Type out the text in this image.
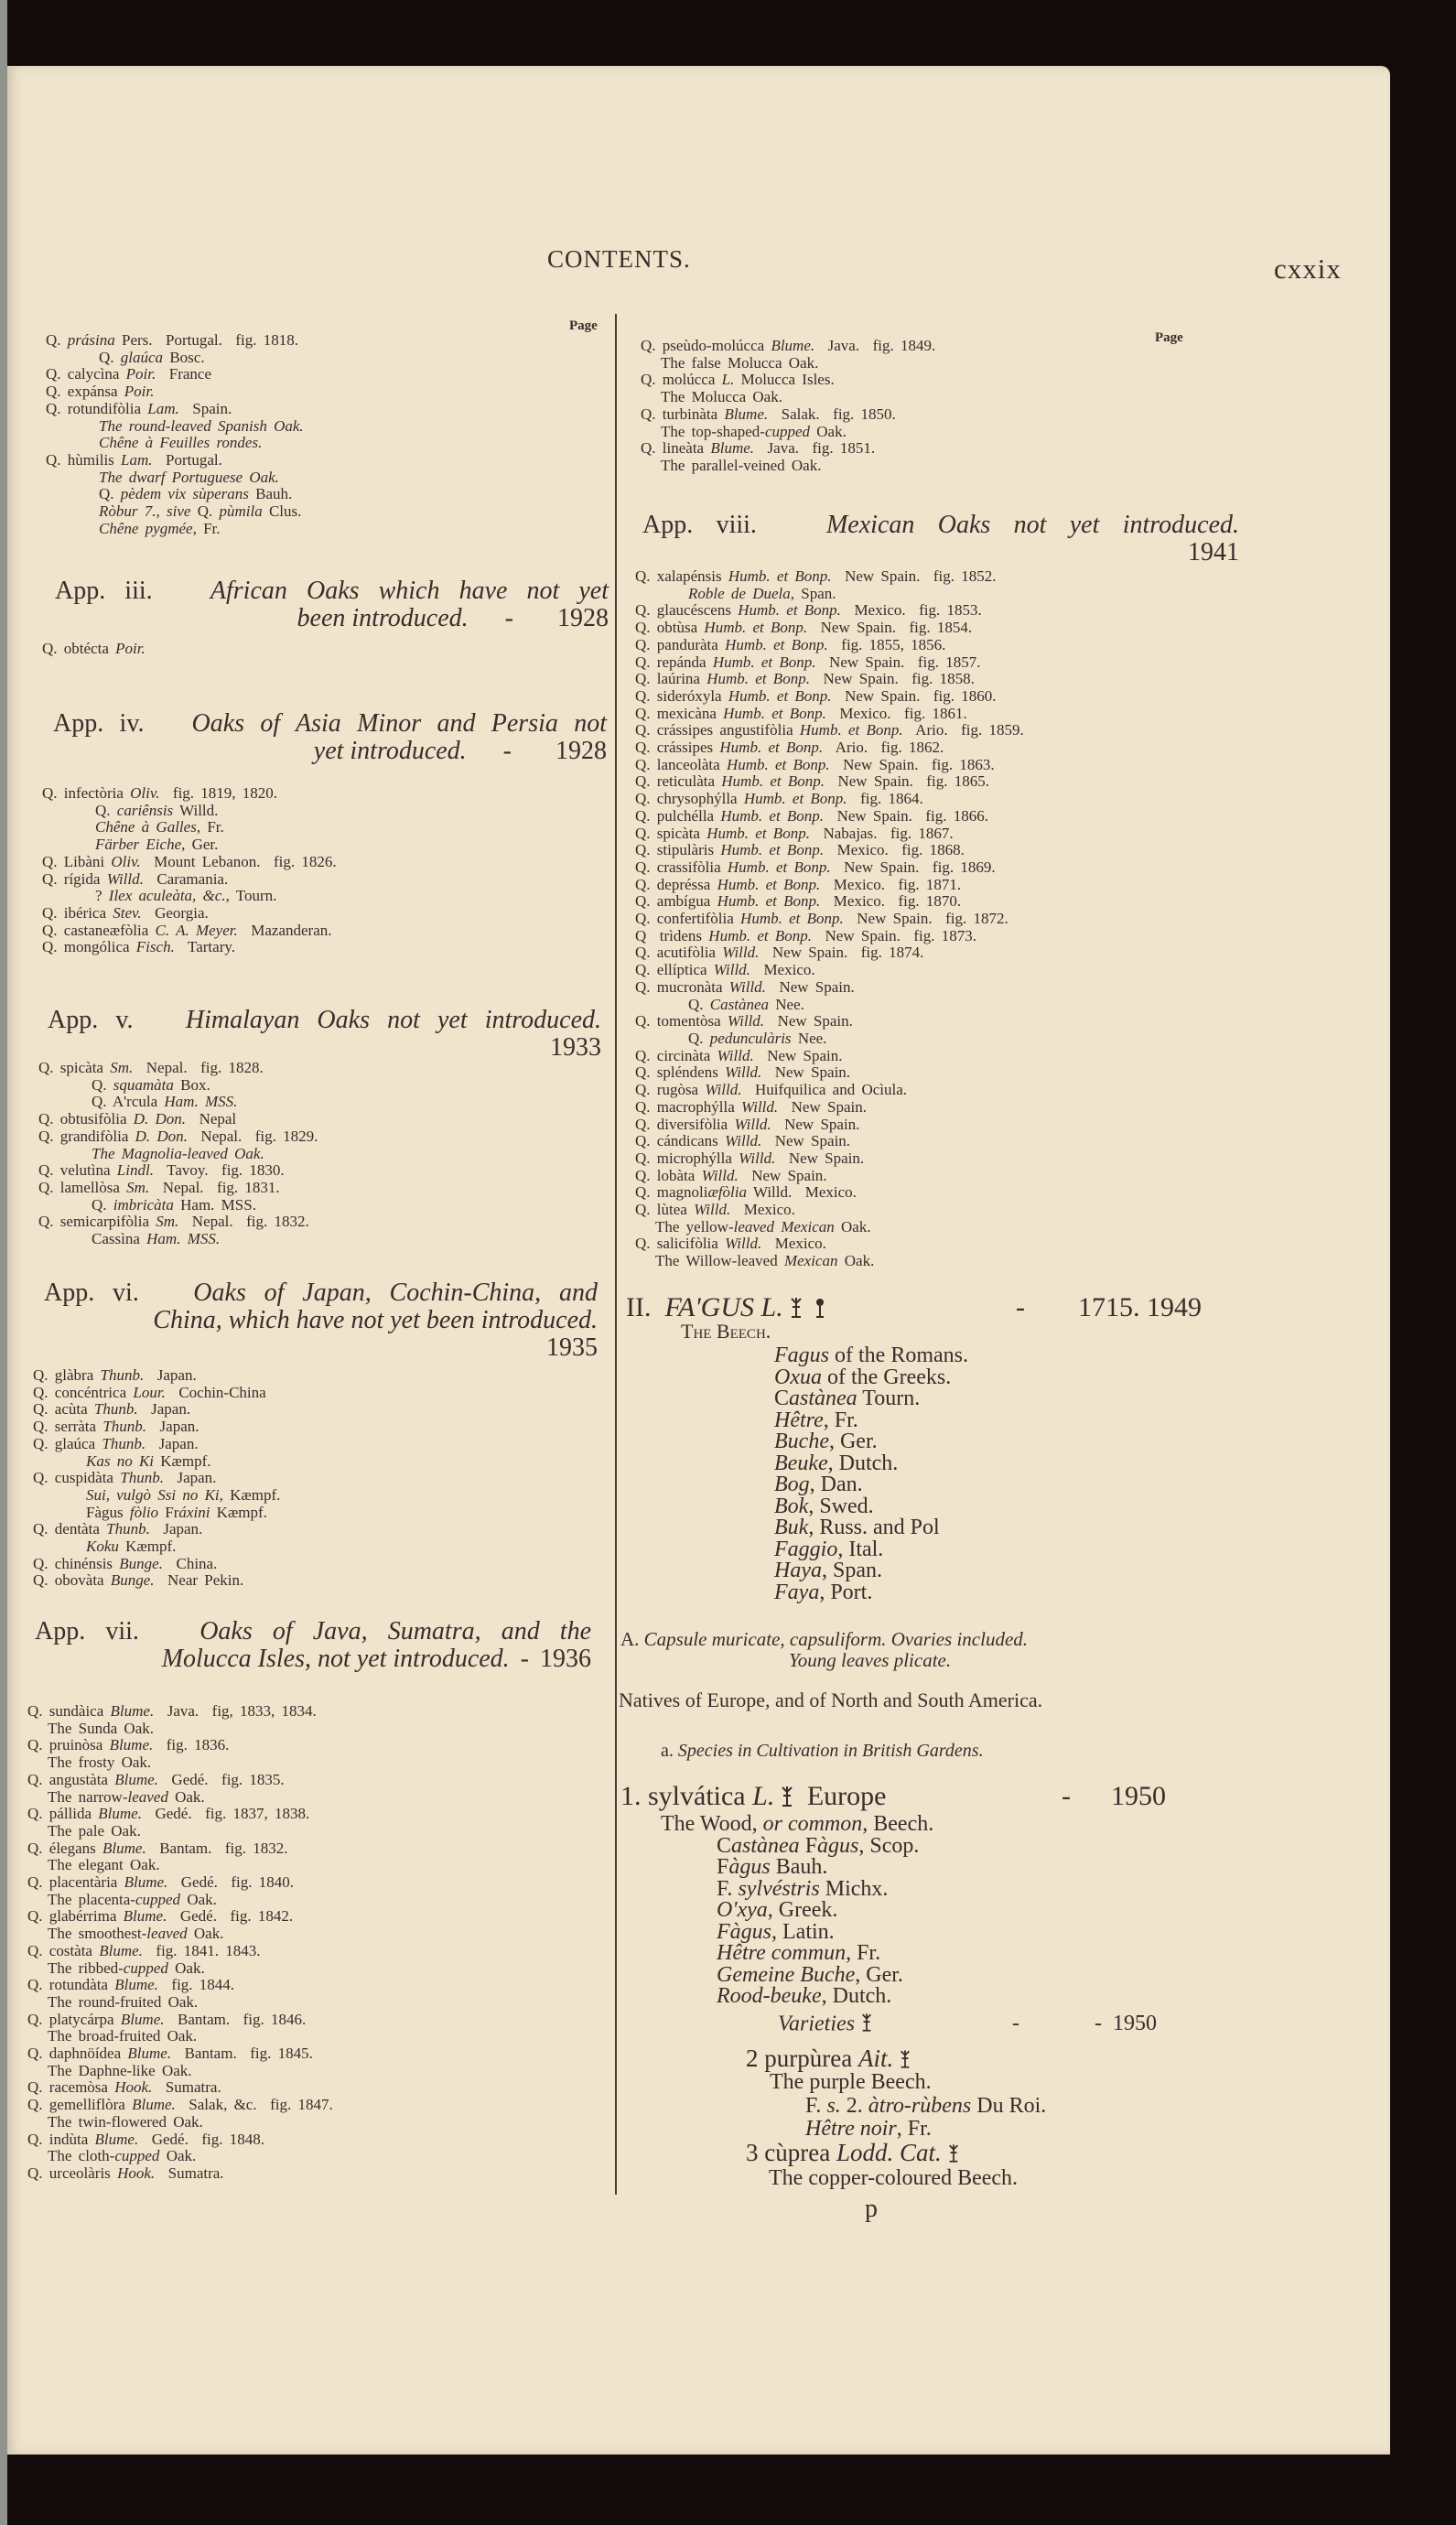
CONTENTS.	cxxix
Page
Page
Q. prásina Pers.  Portugal.  fig. 1818.
Q. glaúca Bosc.
Q. calycìna Poir.  France
Q. expánsa Poir.
Q. rotundifòlia Lam.  Spain.
The round-leaved Spanish Oak.
Chêne à Feuilles rondes.
Q. hùmilis Lam.  Portugal.
The dwarf Portuguese Oak.
Q. pèdem vix sùperans Bauh.
Ròbur 7., sive Q. pùmila Clus.
Chêne pygmée, Fr.
App. iii. African Oaks which have not yet
been introduced. - 1928
Q. obtécta Poir.
App. iv. Oaks of Asia Minor and Persia not
yet introduced. - 1928
Q. infectòria Oliv.  fig. 1819, 1820.
Q. cariênsis Willd.
Chêne à Galles, Fr.
Färber Eiche, Ger.
Q. Libàni Oliv.  Mount Lebanon.  fig. 1826.
Q. rígida Willd.  Caramania.
? Ilex aculeàta, &c., Tourn.
Q. ibérica Stev.  Georgia.
Q. castaneæfòlia C. A. Meyer.  Mazanderan.
Q. mongólica Fisch.  Tartary.
App. v. Himalayan Oaks not yet introduced.
1933
Q. spicàta Sm.  Nepal.  fig. 1828.
Q. squamàta Box.
Q. A'rcula Ham. MSS.
Q. obtusifòlia D. Don.  Nepal
Q. grandifòlia D. Don.  Nepal.  fig. 1829.
The Magnolia-leaved Oak.
Q. velutìna Lindl.  Tavoy.  fig. 1830.
Q. lamellòsa Sm.  Nepal.  fig. 1831.
Q. imbricàta Ham. MSS.
Q. semicarpifòlia Sm.  Nepal.  fig. 1832.
Cassìna Ham. MSS.
App. vi. Oaks of Japan, Cochin-China, and
China, which have not yet been introduced.
1935
Q. glàbra Thunb.  Japan.
Q. concéntrica Lour.  Cochin-China
Q. acùta Thunb.  Japan.
Q. serràta Thunb.  Japan.
Q. glaúca Thunb.  Japan.
Kas no Ki Kæmpf.
Q. cuspidàta Thunb.  Japan.
Sui, vulgò Ssi no Ki, Kæmpf.
Fàgus fòlio Fráxini Kæmpf.
Q. dentàta Thunb.  Japan.
Koku Kæmpf.
Q. chinénsis Bunge.  China.
Q. obovàta Bunge.  Near Pekin.
App. vii. Oaks of Java, Sumatra, and the
Molucca Isles, not yet introduced. - 1936
Q. sundàica Blume.  Java.  fig, 1833, 1834.
The Sunda Oak.
Q. pruinòsa Blume.  fig. 1836.
The frosty Oak.
Q. angustàta Blume.  Gedé.  fig. 1835.
The narrow-leaved Oak.
Q. pállida Blume.  Gedé.  fig. 1837, 1838.
The pale Oak.
Q. élegans Blume.  Bantam.  fig. 1832.
The elegant Oak.
Q. placentària Blume.  Gedé.  fig. 1840.
The placenta-cupped Oak.
Q. glabérrima Blume.  Gedé.  fig. 1842.
The smoothest-leaved Oak.
Q. costàta Blume.  fig. 1841. 1843.
The ribbed-cupped Oak.
Q. rotundàta Blume.  fig. 1844.
The round-fruited Oak.
Q. platycárpa Blume.  Bantam.  fig. 1846.
The broad-fruited Oak.
Q. daphnöídea Blume.  Bantam.  fig. 1845.
The Daphne-like Oak.
Q. racemòsa Hook.  Sumatra.
Q. gemelliflòra Blume.  Salak, &c.  fig. 1847.
The twin-flowered Oak.
Q. indùta Blume.  Gedé.  fig. 1848.
The cloth-cupped Oak.
Q. urceolàris Hook.  Sumatra.
Q. pseùdo-molúcca Blume.  Java.  fig. 1849.
The false Molucca Oak.
Q. molúcca L. Molucca Isles.
The Molucca Oak.
Q. turbinàta Blume.  Salak.  fig. 1850.
The top-shaped-cupped Oak.
Q. lineàta Blume.  Java.  fig. 1851.
The parallel-veined Oak.
App. viii.	Mexican Oaks not yet introduced.
1941
Q. xalapénsis Humb. et Bonp.  New Spain.  fig. 1852.
Roble de Duela, Span.
Q. glaucéscens Humb. et Bonp.  Mexico.  fig. 1853.
Q. obtùsa Humb. et Bonp.  New Spain.  fig. 1854.
Q. panduràta Humb. et Bonp.  fig. 1855, 1856.
Q. repánda Humb. et Bonp.  New Spain.  fig. 1857.
Q. laúrina Humb. et Bonp.  New Spain.  fig. 1858.
Q. sideróxyla Humb. et Bonp.  New Spain.  fig. 1860.
Q. mexicàna Humb. et Bonp.  Mexico.  fig. 1861.
Q. crássipes angustifòlia Humb. et Bonp.  Ario.  fig. 1859.
Q. crássipes Humb. et Bonp.  Ario.  fig. 1862.
Q. lanceolàta Humb. et Bonp.  New Spain.  fig. 1863.
Q. reticulàta Humb. et Bonp.  New Spain.  fig. 1865.
Q. chrysophýlla Humb. et Bonp.  fig. 1864.
Q. pulchélla Humb. et Bonp.  New Spain.  fig. 1866.
Q. spicàta Humb. et Bonp.  Nabajas.  fig. 1867.
Q. stipulàris Humb. et Bonp.  Mexico.  fig. 1868.
Q. crassifòlia Humb. et Bonp.  New Spain.  fig. 1869.
Q. depréssa Humb. et Bonp.  Mexico.  fig. 1871.
Q. ambígua Humb. et Bonp.  Mexico.  fig. 1870.
Q. confertifòlia Humb. et Bonp.  New Spain.  fig. 1872.
Q  trìdens Humb. et Bonp.  New Spain.  fig. 1873.
Q. acutifòlia Willd.  New Spain.  fig. 1874.
Q. ellíptica Willd.  Mexico.
Q. mucronàta Willd.  New Spain.
Q. Castànea Nee.
Q. tomentòsa Willd.  New Spain.
Q. pedunculàris Nee.
Q. circinàta Willd.  New Spain.
Q. spléndens Willd.  New Spain.
Q. rugòsa Willd.  Huifquilica and Ocìula.
Q. macrophýlla Willd.  New Spain.
Q. diversifòlia Willd.  New Spain.
Q. cándicans Willd.  New Spain.
Q. microphýlla Willd.  New Spain.
Q. lobàta Willd.  New Spain.
Q. magnoliæfòlia Willd.  Mexico.
Q. lùtea Willd.  Mexico.
The yellow-leaved Mexican Oak.
Q. salicifòlia Willd.  Mexico.
The Willow-leaved Mexican Oak.
II. FA'GUS L.	- 1715. 1949
The Beech.
Fagus of the Romans.
Oxua of the Greeks.
Castànea Tourn.
Hêtre, Fr.
Buche, Ger.
Beuke, Dutch.
Bog, Dan.
Bok, Swed.
Buk, Russ. and Pol
Faggio, Ital.
Haya, Span.
Faya, Port.
A. Capsule muricate, capsuliform. Ovaries included.
Young leaves plicate.
Natives of Europe, and of North and South America.
a. Species in Cultivation in British Gardens.
1. sylvática L. Europe	- 1950
The Wood, or common, Beech.
Castànea Fàgus, Scop.
Fàgus Bauh.
F. sylvéstris Michx.
O'xya, Greek.
Fàgus, Latin.
Hêtre commun, Fr.
Gemeine Buche, Ger.
Rood-beuke, Dutch.
Varieties	-	- 1950
2 purpùrea Ait.
The purple Beech.
F. s. 2. àtro-rùbens Du Roi.
Hêtre noir, Fr.
3 cùprea Lodd. Cat.
The copper-coloured Beech.
p
